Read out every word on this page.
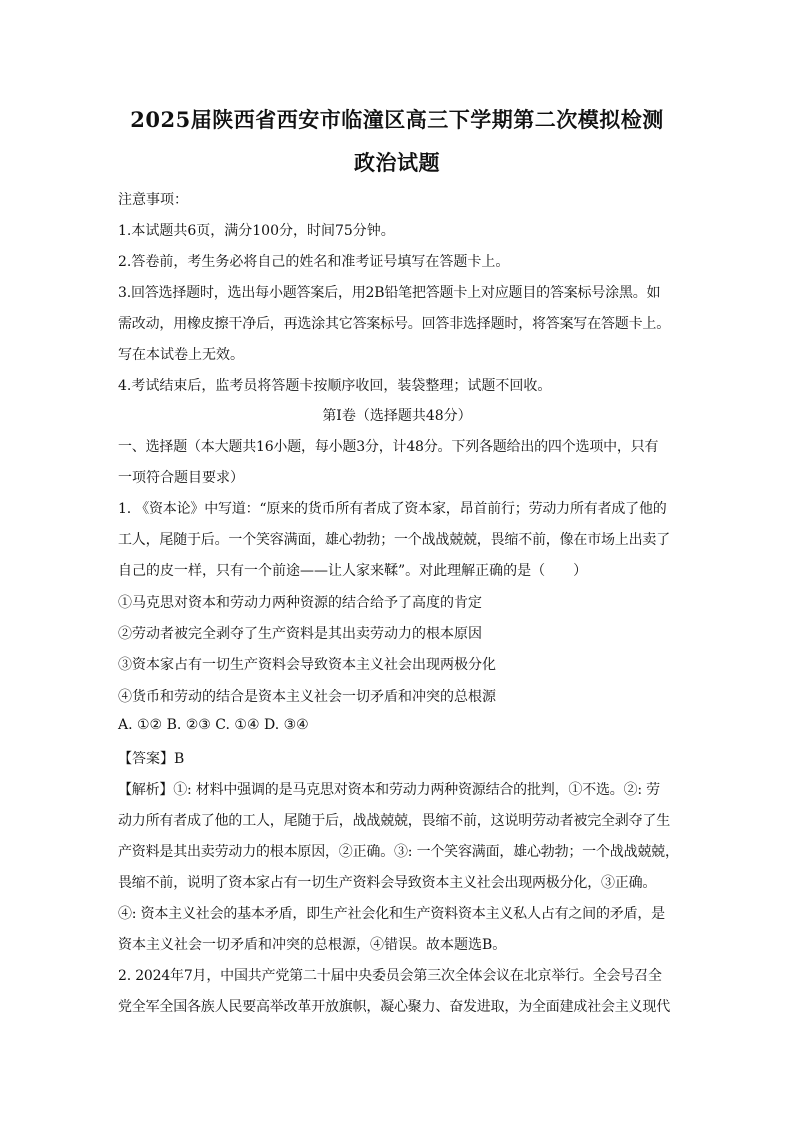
2025届陕西省西安市临潼区高三下学期第二次模拟检测
政治试题
注意事项：
1.本试题共6页，满分100分，时间75分钟。
2.答卷前，考生务必将自己的姓名和准考证号填写在答题卡上。
3.回答选择题时，选出每小题答案后，用2B铅笔把答题卡上对应题目的答案标号涂黑。如
需改动，用橡皮擦干净后，再选涂其它答案标号。回答非选择题时，将答案写在答题卡上。
写在本试卷上无效。
4.考试结束后，监考员将答题卡按顺序收回，装袋整理；试题不回收。
第Ⅰ卷（选择题共48分）
一、选择题（本大题共16小题，每小题3分，计48分。下列各题给出的四个选项中，只有
一项符合题目要求）
1. 《资本论》中写道：“原来的货币所有者成了资本家，昂首前行；劳动力所有者成了他的
工人，尾随于后。一个笑容满面，雄心勃勃；一个战战兢兢，畏缩不前，像在市场上出卖了
自己的皮一样，只有一个前途——让人家来鞣”。对此理解正确的是（　　）
①马克思对资本和劳动力两种资源的结合给予了高度的肯定
②劳动者被完全剥夺了生产资料是其出卖劳动力的根本原因
③资本家占有一切生产资料会导致资本主义社会出现两极分化
④货币和劳动的结合是资本主义社会一切矛盾和冲突的总根源
A. ①② B. ②③ C. ①④ D. ③④
【答案】B
【解析】①: 材料中强调的是马克思对资本和劳动力两种资源结合的批判，①不选。②: 劳
动力所有者成了他的工人，尾随于后，战战兢兢，畏缩不前，这说明劳动者被完全剥夺了生
产资料是其出卖劳动力的根本原因，②正确。③: 一个笑容满面，雄心勃勃；一个战战兢兢，
畏缩不前，说明了资本家占有一切生产资料会导致资本主义社会出现两极分化，③正确。
④: 资本主义社会的基本矛盾，即生产社会化和生产资料资本主义私人占有之间的矛盾，是
资本主义社会一切矛盾和冲突的总根源，④错误。故本题选B。
2. 2024年7月，中国共产党第二十届中央委员会第三次全体会议在北京举行。全会号召全
党全军全国各族人民要高举改革开放旗帜，凝心聚力、奋发进取，为全面建成社会主义现代
